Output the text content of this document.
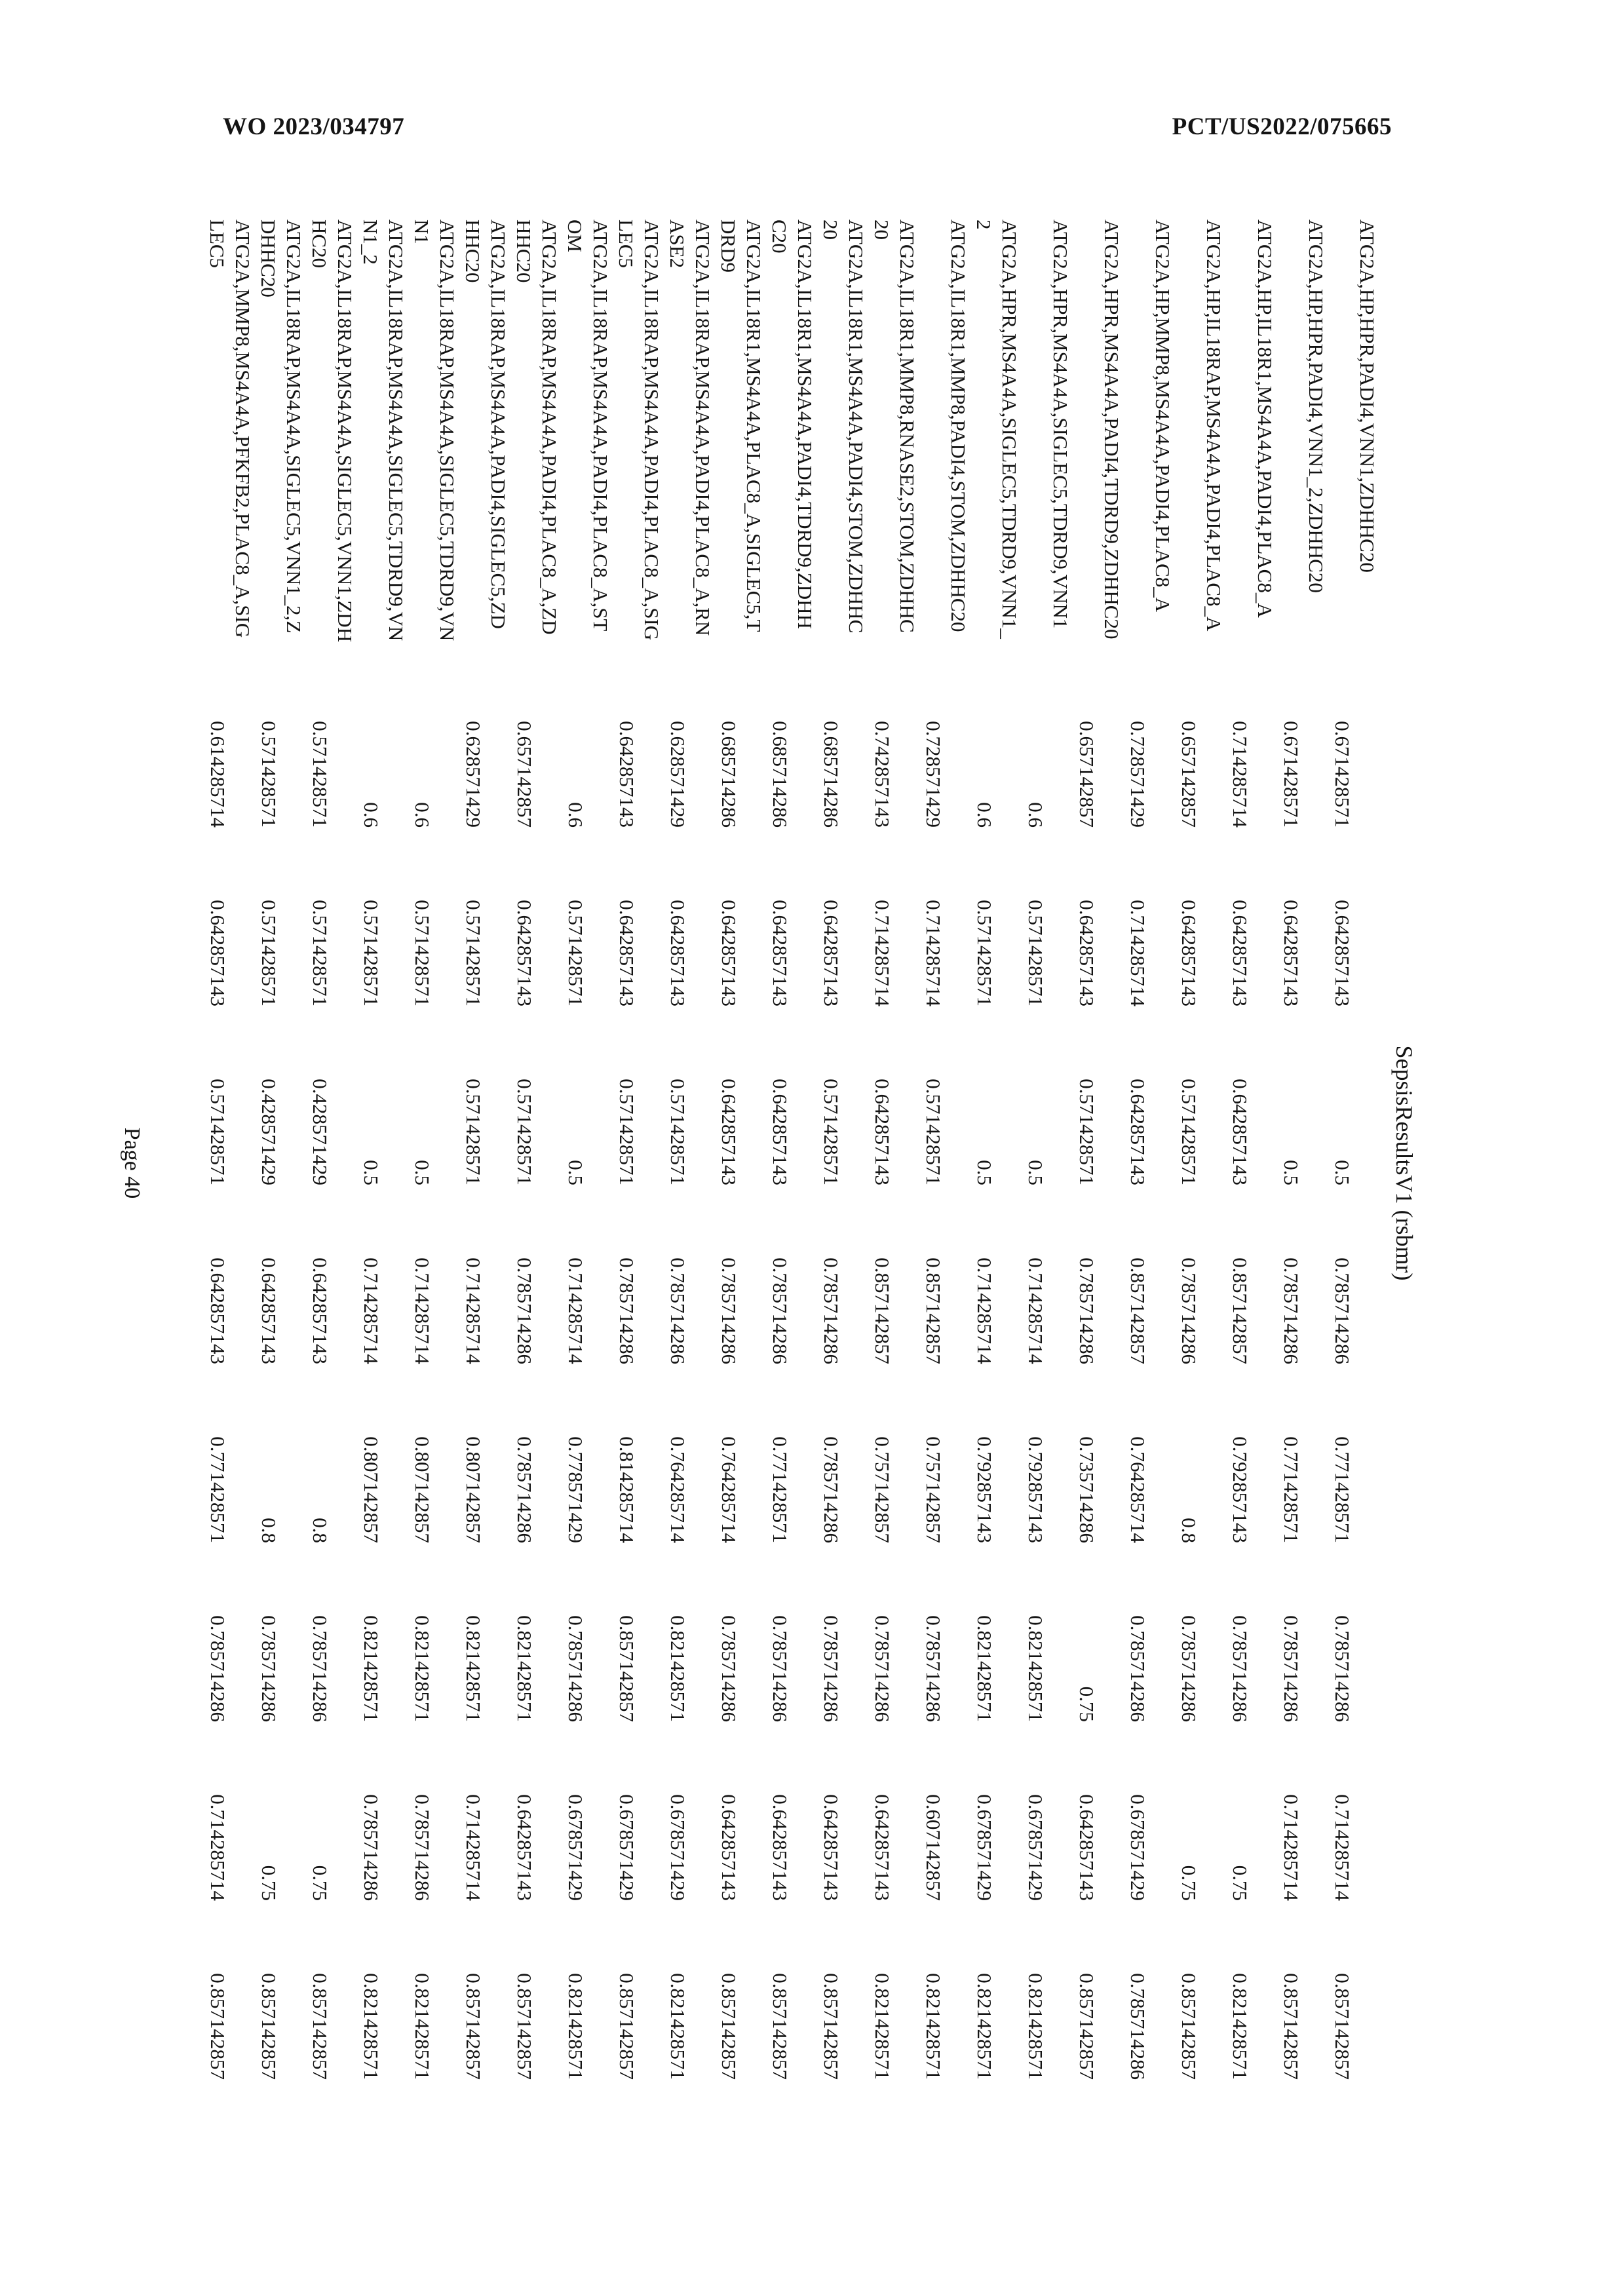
WO 2023/034797	PCT/US2022/075665
SepsisResultsV1 (rsbmr)
ATG2A,HP,HPR,PADI4,VNN1,ZDHHC20	0.671428571	0.642857143	0.5	0.785714286	0.771428571	0.785714286	0.714285714	0.857142857
ATG2A,HP,HPR,PADI4,VNN1_2,ZDHHC20	0.671428571	0.642857143	0.5	0.785714286	0.771428571	0.785714286	0.714285714	0.857142857
ATG2A,HP,IL18R1,MS4A4A,PADI4,PLAC8_A	0.714285714	0.642857143	0.642857143	0.857142857	0.792857143	0.785714286	0.75	0.821428571
ATG2A,HP,IL18RAP,MS4A4A,PADI4,PLAC8_A	0.657142857	0.642857143	0.571428571	0.785714286	0.8	0.785714286	0.75	0.857142857
ATG2A,HP,MMP8,MS4A4A,PADI4,PLAC8_A	0.728571429	0.714285714	0.642857143	0.857142857	0.764285714	0.785714286	0.678571429	0.785714286
ATG2A,HPR,MS4A4A,PADI4,TDRD9,ZDHHC20	0.657142857	0.642857143	0.571428571	0.785714286	0.735714286	0.75	0.642857143	0.857142857
ATG2A,HPR,MS4A4A,SIGLEC5,TDRD9,VNN1	0.6	0.571428571	0.5	0.714285714	0.792857143	0.821428571	0.678571429	0.821428571
ATG2A,HPR,MS4A4A,SIGLEC5,TDRD9,VNN1_2	0.6	0.571428571	0.5	0.714285714	0.792857143	0.821428571	0.678571429	0.821428571
ATG2A,IL18R1,MMP8,PADI4,STOM,ZDHHC20	0.728571429	0.714285714	0.571428571	0.857142857	0.757142857	0.785714286	0.607142857	0.821428571
ATG2A,IL18R1,MMP8,RNASE2,STOM,ZDHHC20	0.742857143	0.714285714	0.642857143	0.857142857	0.757142857	0.785714286	0.642857143	0.821428571
ATG2A,IL18R1,MS4A4A,PADI4,STOM,ZDHHC20	0.685714286	0.642857143	0.571428571	0.785714286	0.785714286	0.785714286	0.642857143	0.857142857
ATG2A,IL18R1,MS4A4A,PADI4,TDRD9,ZDHHC20	0.685714286	0.642857143	0.642857143	0.785714286	0.771428571	0.785714286	0.642857143	0.857142857
ATG2A,IL18R1,MS4A4A,PLAC8_A,SIGLEC5,TDRD9	0.685714286	0.642857143	0.642857143	0.785714286	0.764285714	0.785714286	0.642857143	0.857142857
ATG2A,IL18RAP,MS4A4A,PADI4,PLAC8_A,RNASE2	0.628571429	0.642857143	0.571428571	0.785714286	0.764285714	0.821428571	0.678571429	0.821428571
ATG2A,IL18RAP,MS4A4A,PADI4,PLAC8_A,SIGLEC5	0.642857143	0.642857143	0.571428571	0.785714286	0.814285714	0.857142857	0.678571429	0.857142857
ATG2A,IL18RAP,MS4A4A,PADI4,PLAC8_A,STOM	0.6	0.571428571	0.5	0.714285714	0.778571429	0.785714286	0.678571429	0.821428571
ATG2A,IL18RAP,MS4A4A,PADI4,PLAC8_A,ZDHHC20	0.657142857	0.642857143	0.571428571	0.785714286	0.785714286	0.821428571	0.642857143	0.857142857
ATG2A,IL18RAP,MS4A4A,PADI4,SIGLEC5,ZDHHC20	0.628571429	0.571428571	0.571428571	0.714285714	0.807142857	0.821428571	0.714285714	0.857142857
ATG2A,IL18RAP,MS4A4A,SIGLEC5,TDRD9,VNN1	0.6	0.571428571	0.5	0.714285714	0.807142857	0.821428571	0.785714286	0.821428571
ATG2A,IL18RAP,MS4A4A,SIGLEC5,TDRD9,VNN1_2	0.6	0.571428571	0.5	0.714285714	0.807142857	0.821428571	0.785714286	0.821428571
ATG2A,IL18RAP,MS4A4A,SIGLEC5,VNN1,ZDHHC20	0.571428571	0.571428571	0.428571429	0.642857143	0.8	0.785714286	0.75	0.857142857
ATG2A,IL18RAP,MS4A4A,SIGLEC5,VNN1_2,ZDHHC20	0.571428571	0.571428571	0.428571429	0.642857143	0.8	0.785714286	0.75	0.857142857
ATG2A,MMP8,MS4A4A,PFKFB2,PLAC8_A,SIGLEC5	0.614285714	0.642857143	0.571428571	0.642857143	0.771428571	0.785714286	0.714285714	0.857142857
Page 40
